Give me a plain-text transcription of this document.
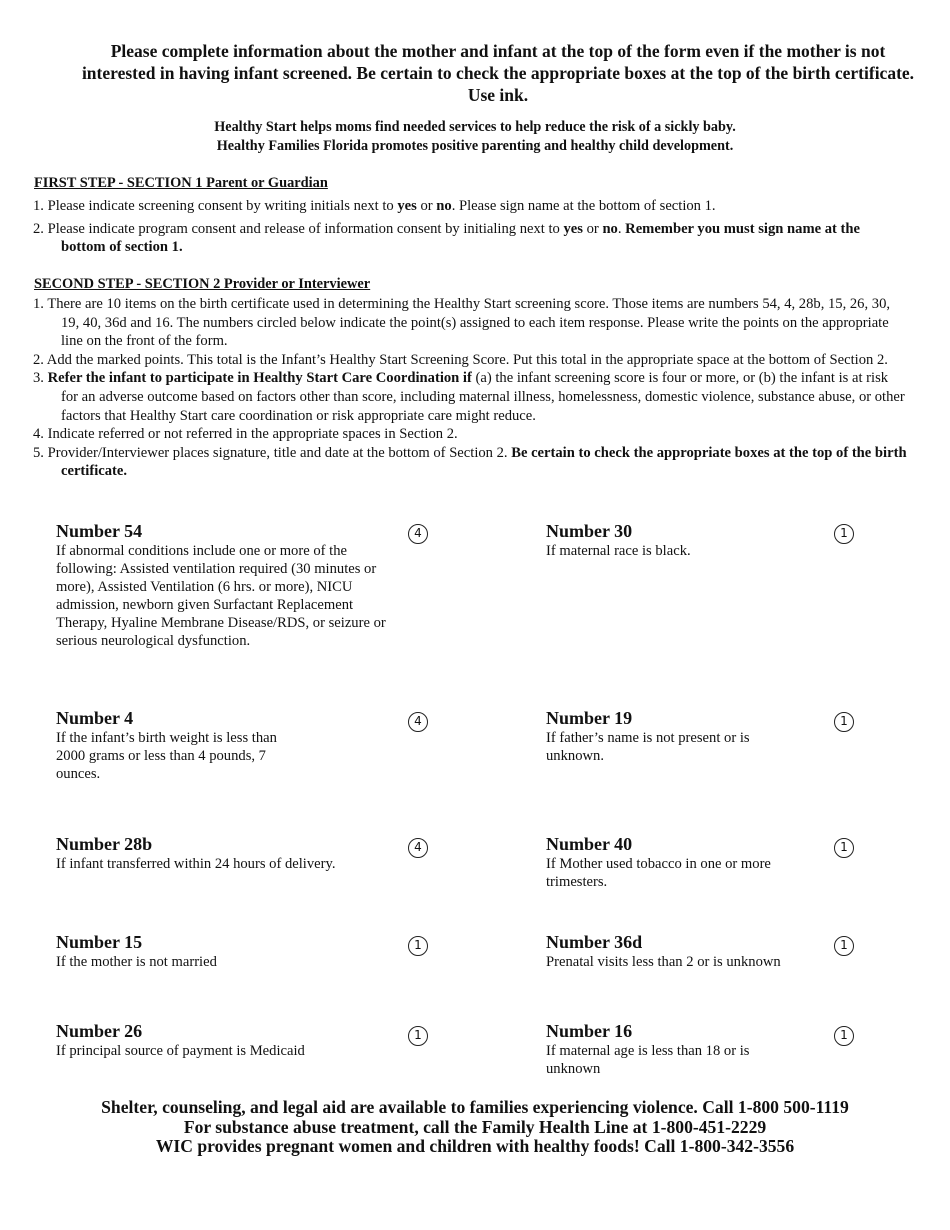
Please complete information about the mother and infant at the top of the form even if the mother is not interested in having infant screened. Be certain to check the appropriate boxes at the top of the birth certificate. Use ink.
Healthy Start helps moms find needed services to help reduce the risk of a sickly baby.
Healthy Families Florida promotes positive parenting and healthy child development.
FIRST STEP - SECTION 1 Parent or Guardian
1. Please indicate screening consent by writing initials next to yes or no. Please sign name at the bottom of section 1.
2. Please indicate program consent and release of information consent by initialing next to yes or no. Remember you must sign name at the bottom of section 1.
SECOND STEP - SECTION 2 Provider or Interviewer
1. There are 10 items on the birth certificate used in determining the Healthy Start screening score. Those items are numbers 54, 4, 28b, 15, 26, 30, 19, 40, 36d and 16. The numbers circled below indicate the point(s) assigned to each item response. Please write the points on the appropriate line on the front of the form.
2. Add the marked points. This total is the Infant’s Healthy Start Screening Score. Put this total in the appropriate space at the bottom of Section 2.
3. Refer the infant to participate in Healthy Start Care Coordination if (a) the infant screening score is four or more, or (b) the infant is at risk for an adverse outcome based on factors other than score, including maternal illness, homelessness, domestic violence, substance abuse, or other factors that Healthy Start care coordination or risk appropriate care might reduce.
4. Indicate referred or not referred in the appropriate spaces in Section 2.
5. Provider/Interviewer places signature, title and date at the bottom of Section 2. Be certain to check the appropriate boxes at the top of the birth certificate.
Number 54
If abnormal conditions include one or more of the following: Assisted ventilation required (30 minutes or more), Assisted Ventilation (6 hrs. or more), NICU admission, newborn given Surfactant Replacement Therapy, Hyaline Membrane Disease/RDS, or seizure or serious neurological dysfunction.
4
Number 4
If the infant’s birth weight is less than 2000 grams or less than 4 pounds, 7 ounces.
4
Number 28b
If infant transferred within 24 hours of delivery.
4
Number 15
If the mother is not married
1
Number 26
If principal source of payment is Medicaid
1
Number 30
If maternal race is black.
1
Number 19
If father’s name is not present or is unknown.
1
Number 40
If Mother used tobacco in one or more trimesters.
1
Number 36d
Prenatal visits less than 2 or is unknown
1
Number 16
If maternal age is less than 18 or is unknown
1
Shelter, counseling, and legal aid are available to families experiencing violence. Call 1-800 500-1119
For substance abuse treatment, call the Family Health Line at 1-800-451-2229
WIC provides pregnant women and children with healthy foods! Call 1-800-342-3556
